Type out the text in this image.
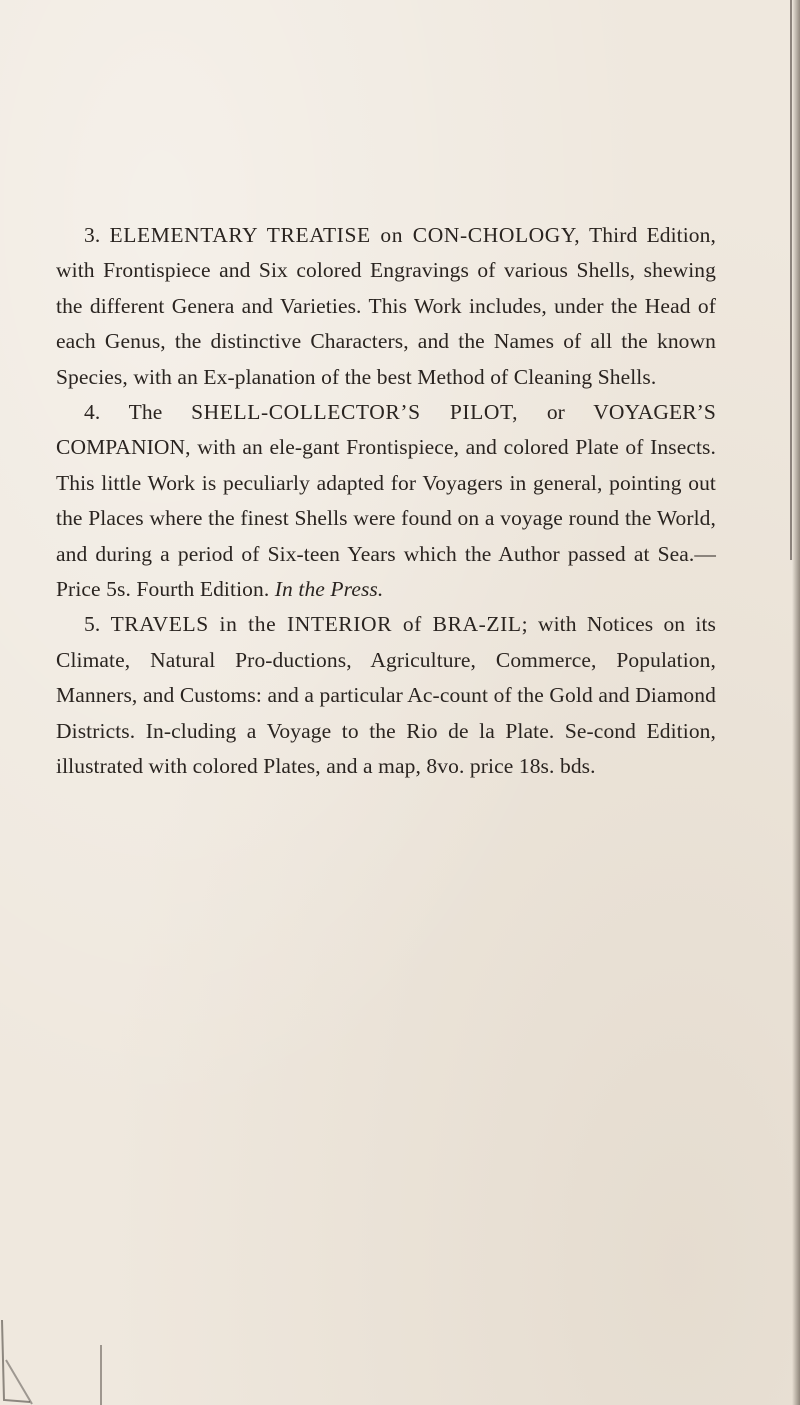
3. ELEMENTARY TREATISE on CON-CHOLOGY, Third Edition, with Frontispiece and Six colored Engravings of various Shells, shewing the different Genera and Varieties. This Work includes, under the Head of each Genus, the distinctive Characters, and the Names of all the known Species, with an Ex-planation of the best Method of Cleaning Shells.

4. The SHELL-COLLECTOR’S PILOT, or VOYAGER’S COMPANION, with an ele-gant Frontispiece, and colored Plate of Insects. This little Work is peculiarly adapted for Voyagers in general, pointing out the Places where the finest Shells were found on a voyage round the World, and during a period of Six-teen Years which the Author passed at Sea.— Price 5s. Fourth Edition. In the Press.

5. TRAVELS in the INTERIOR of BRA-ZIL; with Notices on its Climate, Natural Pro-ductions, Agriculture, Commerce, Population, Manners, and Customs: and a particular Ac-count of the Gold and Diamond Districts. In-cluding a Voyage to the Rio de la Plate. Se-cond Edition, illustrated with colored Plates, and a map, 8vo. price 18s. bds.
